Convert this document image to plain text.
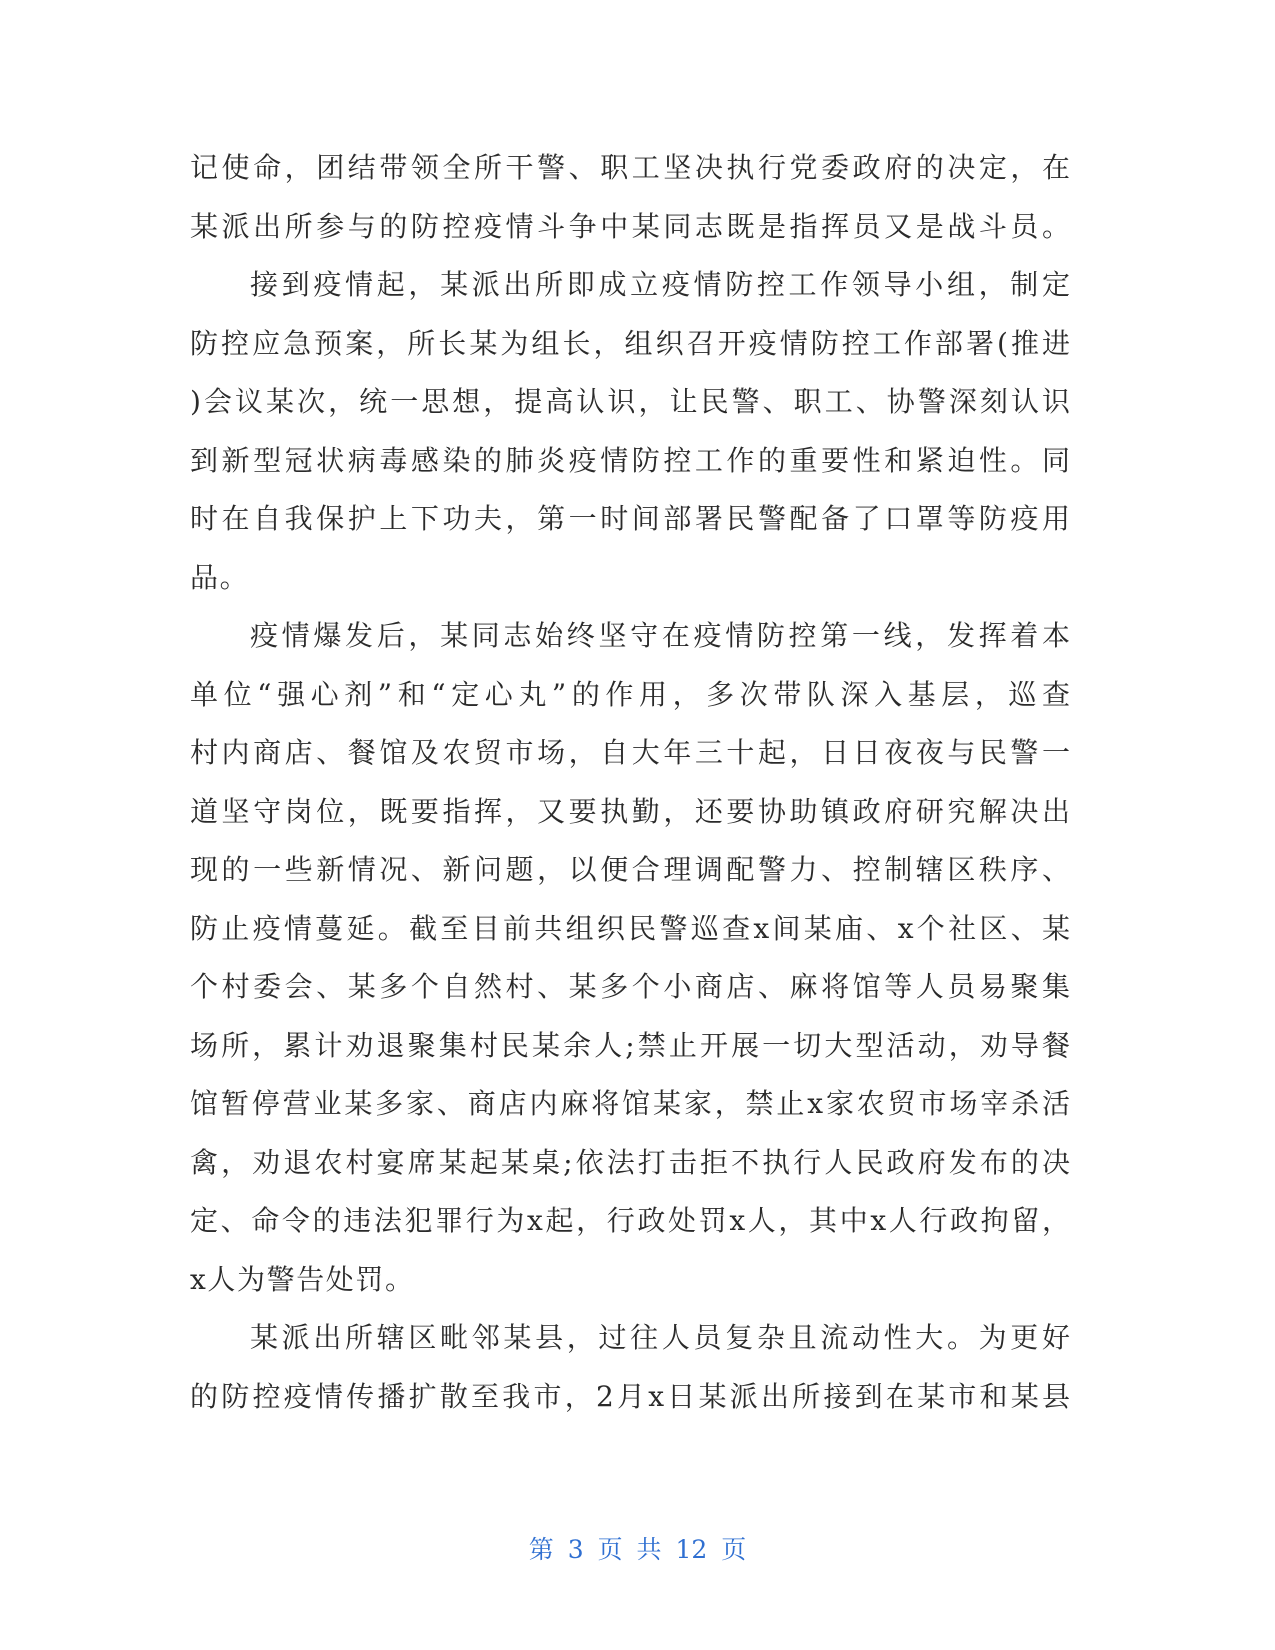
记使命，团结带领全所干警、职工坚决执行党委政府的决定，在
某派出所参与的防控疫情斗争中某同志既是指挥员又是战斗员。
接到疫情起，某派出所即成立疫情防控工作领导小组，制定
防控应急预案，所长某为组长，组织召开疫情防控工作部署(推进
)会议某次，统一思想，提高认识，让民警、职工、协警深刻认识
到新型冠状病毒感染的肺炎疫情防控工作的重要性和紧迫性。同
时在自我保护上下功夫，第一时间部署民警配备了口罩等防疫用
品。
疫情爆发后，某同志始终坚守在疫情防控第一线，发挥着本
单位“强心剂”和“定心丸”的作用，多次带队深入基层，巡查
村内商店、餐馆及农贸市场，自大年三十起，日日夜夜与民警一
道坚守岗位，既要指挥，又要执勤，还要协助镇政府研究解决出
现的一些新情况、新问题，以便合理调配警力、控制辖区秩序、
防止疫情蔓延。截至目前共组织民警巡查x间某庙、x个社区、某
个村委会、某多个自然村、某多个小商店、麻将馆等人员易聚集
场所，累计劝退聚集村民某余人;禁止开展一切大型活动，劝导餐
馆暂停营业某多家、商店内麻将馆某家，禁止x家农贸市场宰杀活
禽，劝退农村宴席某起某桌;依法打击拒不执行人民政府发布的决
定、命令的违法犯罪行为x起，行政处罚x人，其中x人行政拘留，
x人为警告处罚。
某派出所辖区毗邻某县，过往人员复杂且流动性大。为更好
的防控疫情传播扩散至我市，2月x日某派出所接到在某市和某县
第 3 页 共 12 页
